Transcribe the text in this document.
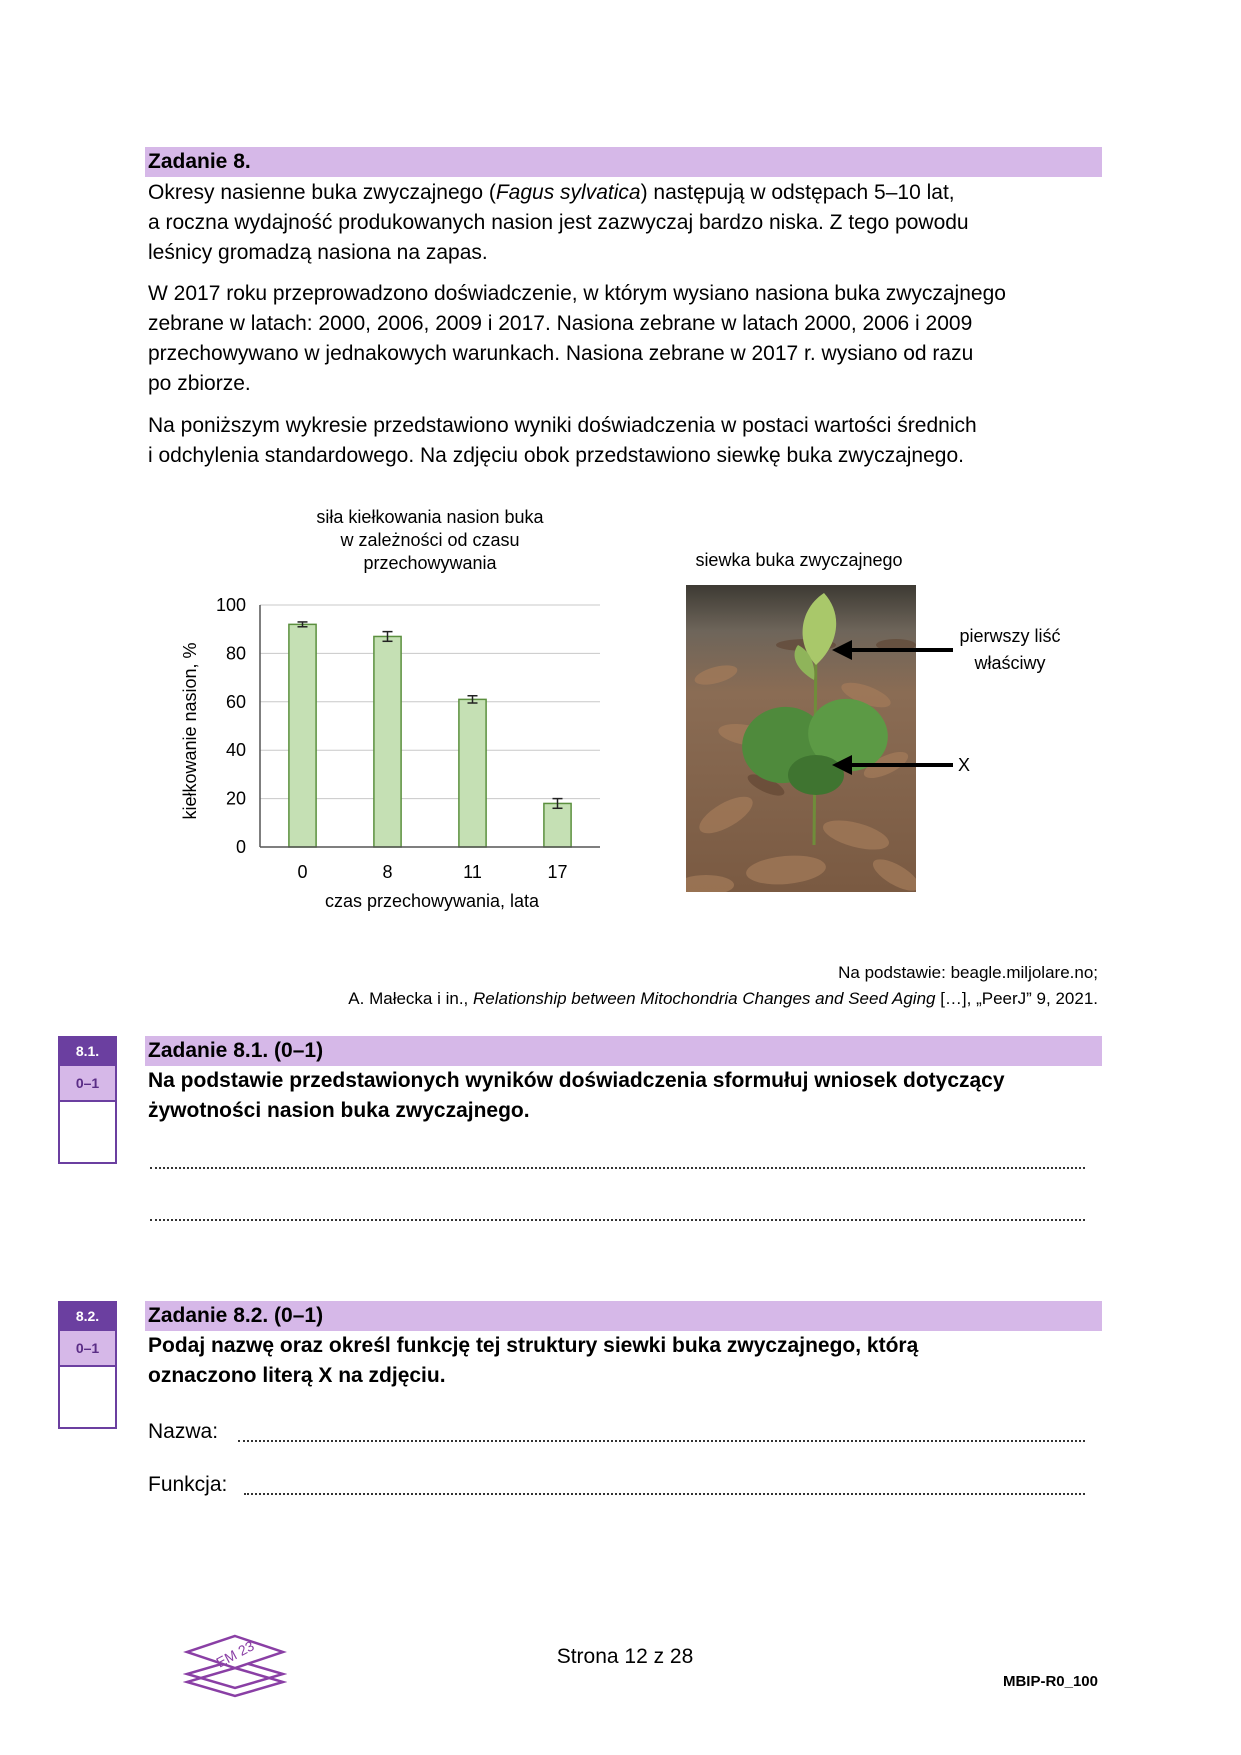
Zadanie 8.
Okresy nasienne buka zwyczajnego (Fagus sylvatica) następują w odstępach 5–10 lat,
a roczna wydajność produkowanych nasion jest zazwyczaj bardzo niska. Z tego powodu
leśnicy gromadzą nasiona na zapas.
W 2017 roku przeprowadzono doświadczenie, w którym wysiano nasiona buka zwyczajnego
zebrane w latach: 2000, 2006, 2009 i 2017. Nasiona zebrane w latach 2000, 2006 i 2009
przechowywano w jednakowych warunkach. Nasiona zebrane w 2017 r. wysiano od razu
po zbiorze.
Na poniższym wykresie przedstawiono wyniki doświadczenia w postaci wartości średnich
i odchylenia standardowego. Na zdjęciu obok przedstawiono siewkę buka zwyczajnego.
siła kiełkowania nasion buka
w zależności od czasu
przechowywania
0
20
40
60
80
100
0	8	11	17
czas przechowywania, lata
kiełkowanie nasion, %
siewka buka zwyczajnego
pierwszy liść
właściwy
X
Na podstawie: beagle.miljolare.no;
A. Małecka i in., Relationship between Mitochondria Changes and Seed Aging […], „PeerJ” 9, 2021.
8.1.
0–1
Zadanie 8.1. (0–1)
Na podstawie przedstawionych wyników doświadczenia sformułuj wniosek dotyczący
żywotności nasion buka zwyczajnego.
8.2.
0–1
Zadanie 8.2. (0–1)
Podaj nazwę oraz określ funkcję tej struktury siewki buka zwyczajnego, którą
oznaczono literą X na zdjęciu.
Nazwa:
Funkcja:
EM 23	Strona 12 z 28
MBIP-R0_100
